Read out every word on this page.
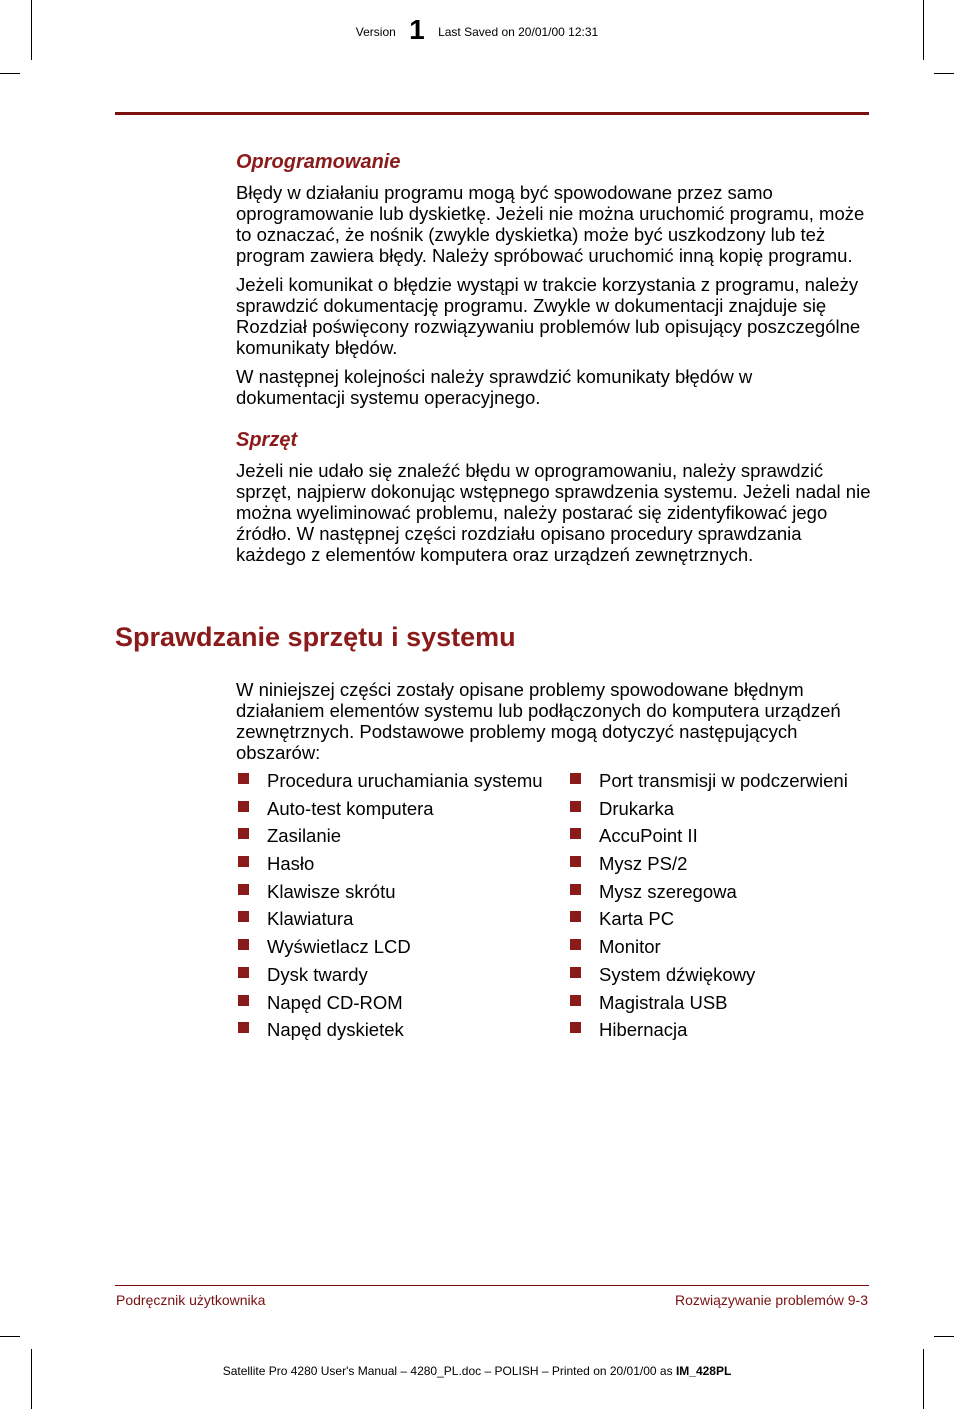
Version 1 Last Saved on 20/01/00 12:31
Oprogramowanie

Błędy w działaniu programu mogą być spowodowane przez samo oprogramowanie lub dyskietkę. Jeżeli nie można uruchomić programu, może to oznaczać, że nośnik (zwykle dyskietka) może być uszkodzony lub też program zawiera błędy. Należy spróbować uruchomić inną kopię programu.

Jeżeli komunikat o błędzie wystąpi w trakcie korzystania z programu, należy sprawdzić dokumentację programu. Zwykle w dokumentacji znajduje się Rozdział poświęcony rozwiązywaniu problemów lub opisujący poszczególne komunikaty błędów.

W następnej kolejności należy sprawdzić komunikaty błędów w dokumentacji systemu operacyjnego.

Sprzęt

Jeżeli nie udało się znaleźć błędu w oprogramowaniu, należy sprawdzić sprzęt, najpierw dokonując wstępnego sprawdzenia systemu. Jeżeli nadal nie można wyeliminować problemu, należy postarać się zidentyfikować jego źródło. W następnej części rozdziału opisano procedury sprawdzania każdego z elementów komputera oraz urządzeń zewnętrznych.

Sprawdzanie sprzętu i systemu

W niniejszej części zostały opisane problemy spowodowane błędnym działaniem elementów systemu lub podłączonych do komputera urządzeń zewnętrznych. Podstawowe problemy mogą dotyczyć następujących obszarów:

Procedura uruchamiania systemu
Auto-test komputera
Zasilanie
Hasło
Klawisze skrótu
Klawiatura
Wyświetlacz LCD
Dysk twardy
Napęd CD-ROM
Napęd dyskietek
Port transmisji w podczerwieni
Drukarka
AccuPoint II
Mysz PS/2
Mysz szeregowa
Karta PC
Monitor
System dźwiękowy
Magistrala USB
Hibernacja
Podręcznik użytkownika	Rozwiązywanie problemów 9-3
Satellite Pro 4280 User's Manual – 4280_PL.doc – POLISH – Printed on 20/01/00 as IM_428PL
